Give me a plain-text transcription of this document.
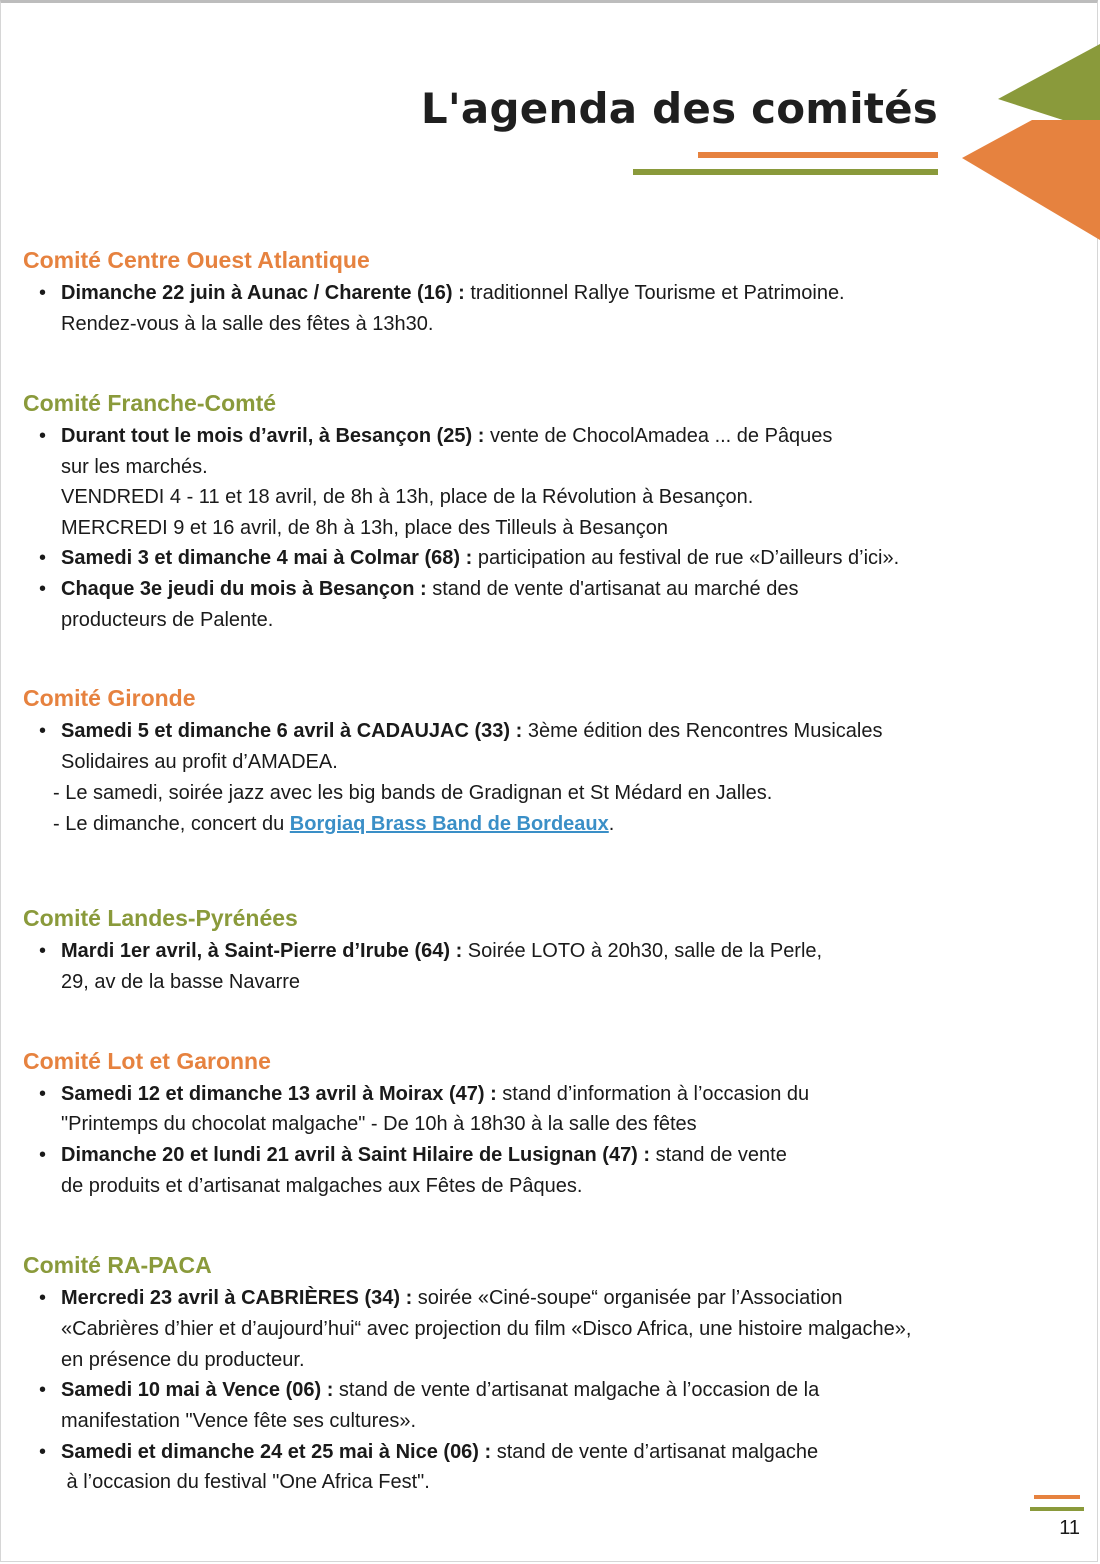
L'agenda des comités
Comité Centre Ouest Atlantique
• Dimanche 22 juin à Aunac / Charente (16) : traditionnel Rallye Tourisme et Patrimoine.
Rendez-vous à la salle des fêtes à 13h30.
Comité Franche-Comté
• Durant tout le mois d’avril, à Besançon (25) : vente de ChocolAmadea ... de Pâques
sur les marchés.
VENDREDI 4 - 11 et 18 avril, de 8h à 13h, place de la Révolution à Besançon.
MERCREDI 9 et 16 avril, de 8h à 13h, place des Tilleuls à Besançon
• Samedi 3 et dimanche 4 mai à Colmar (68) : participation au festival de rue «D’ailleurs d’ici».
• Chaque 3e jeudi du mois à Besançon : stand de vente d'artisanat au marché des
producteurs de Palente.
Comité Gironde
• Samedi 5 et dimanche 6 avril à CADAUJAC (33) : 3ème édition des Rencontres Musicales
Solidaires au profit d’AMADEA.
- Le samedi, soirée jazz avec les big bands de Gradignan et St Médard en Jalles.
- Le dimanche, concert du Borgiaq Brass Band de Bordeaux.
Comité Landes-Pyrénées
• Mardi 1er avril, à Saint-Pierre d’Irube (64) : Soirée LOTO à 20h30, salle de la Perle,
29, av de la basse Navarre
Comité Lot et Garonne
• Samedi 12 et dimanche 13 avril à Moirax (47) : stand d’information à l’occasion du
"Printemps du chocolat malgache" - De 10h à 18h30 à la salle des fêtes
• Dimanche 20 et lundi 21 avril à Saint Hilaire de Lusignan (47) : stand de vente
de produits et d’artisanat malgaches aux Fêtes de Pâques.
Comité RA-PACA
• Mercredi 23 avril à CABRIÈRES (34) : soirée «Ciné-soupe“ organisée par l’Association
«Cabrières d’hier et d’aujourd’hui“ avec projection du film «Disco Africa, une histoire malgache»,
en présence du producteur.
• Samedi 10 mai à Vence (06) : stand de vente d’artisanat malgache à l’occasion de la
manifestation "Vence fête ses cultures».
• Samedi et dimanche 24 et 25 mai à Nice (06) : stand de vente d’artisanat malgache
à l’occasion du festival "One Africa Fest".
11
